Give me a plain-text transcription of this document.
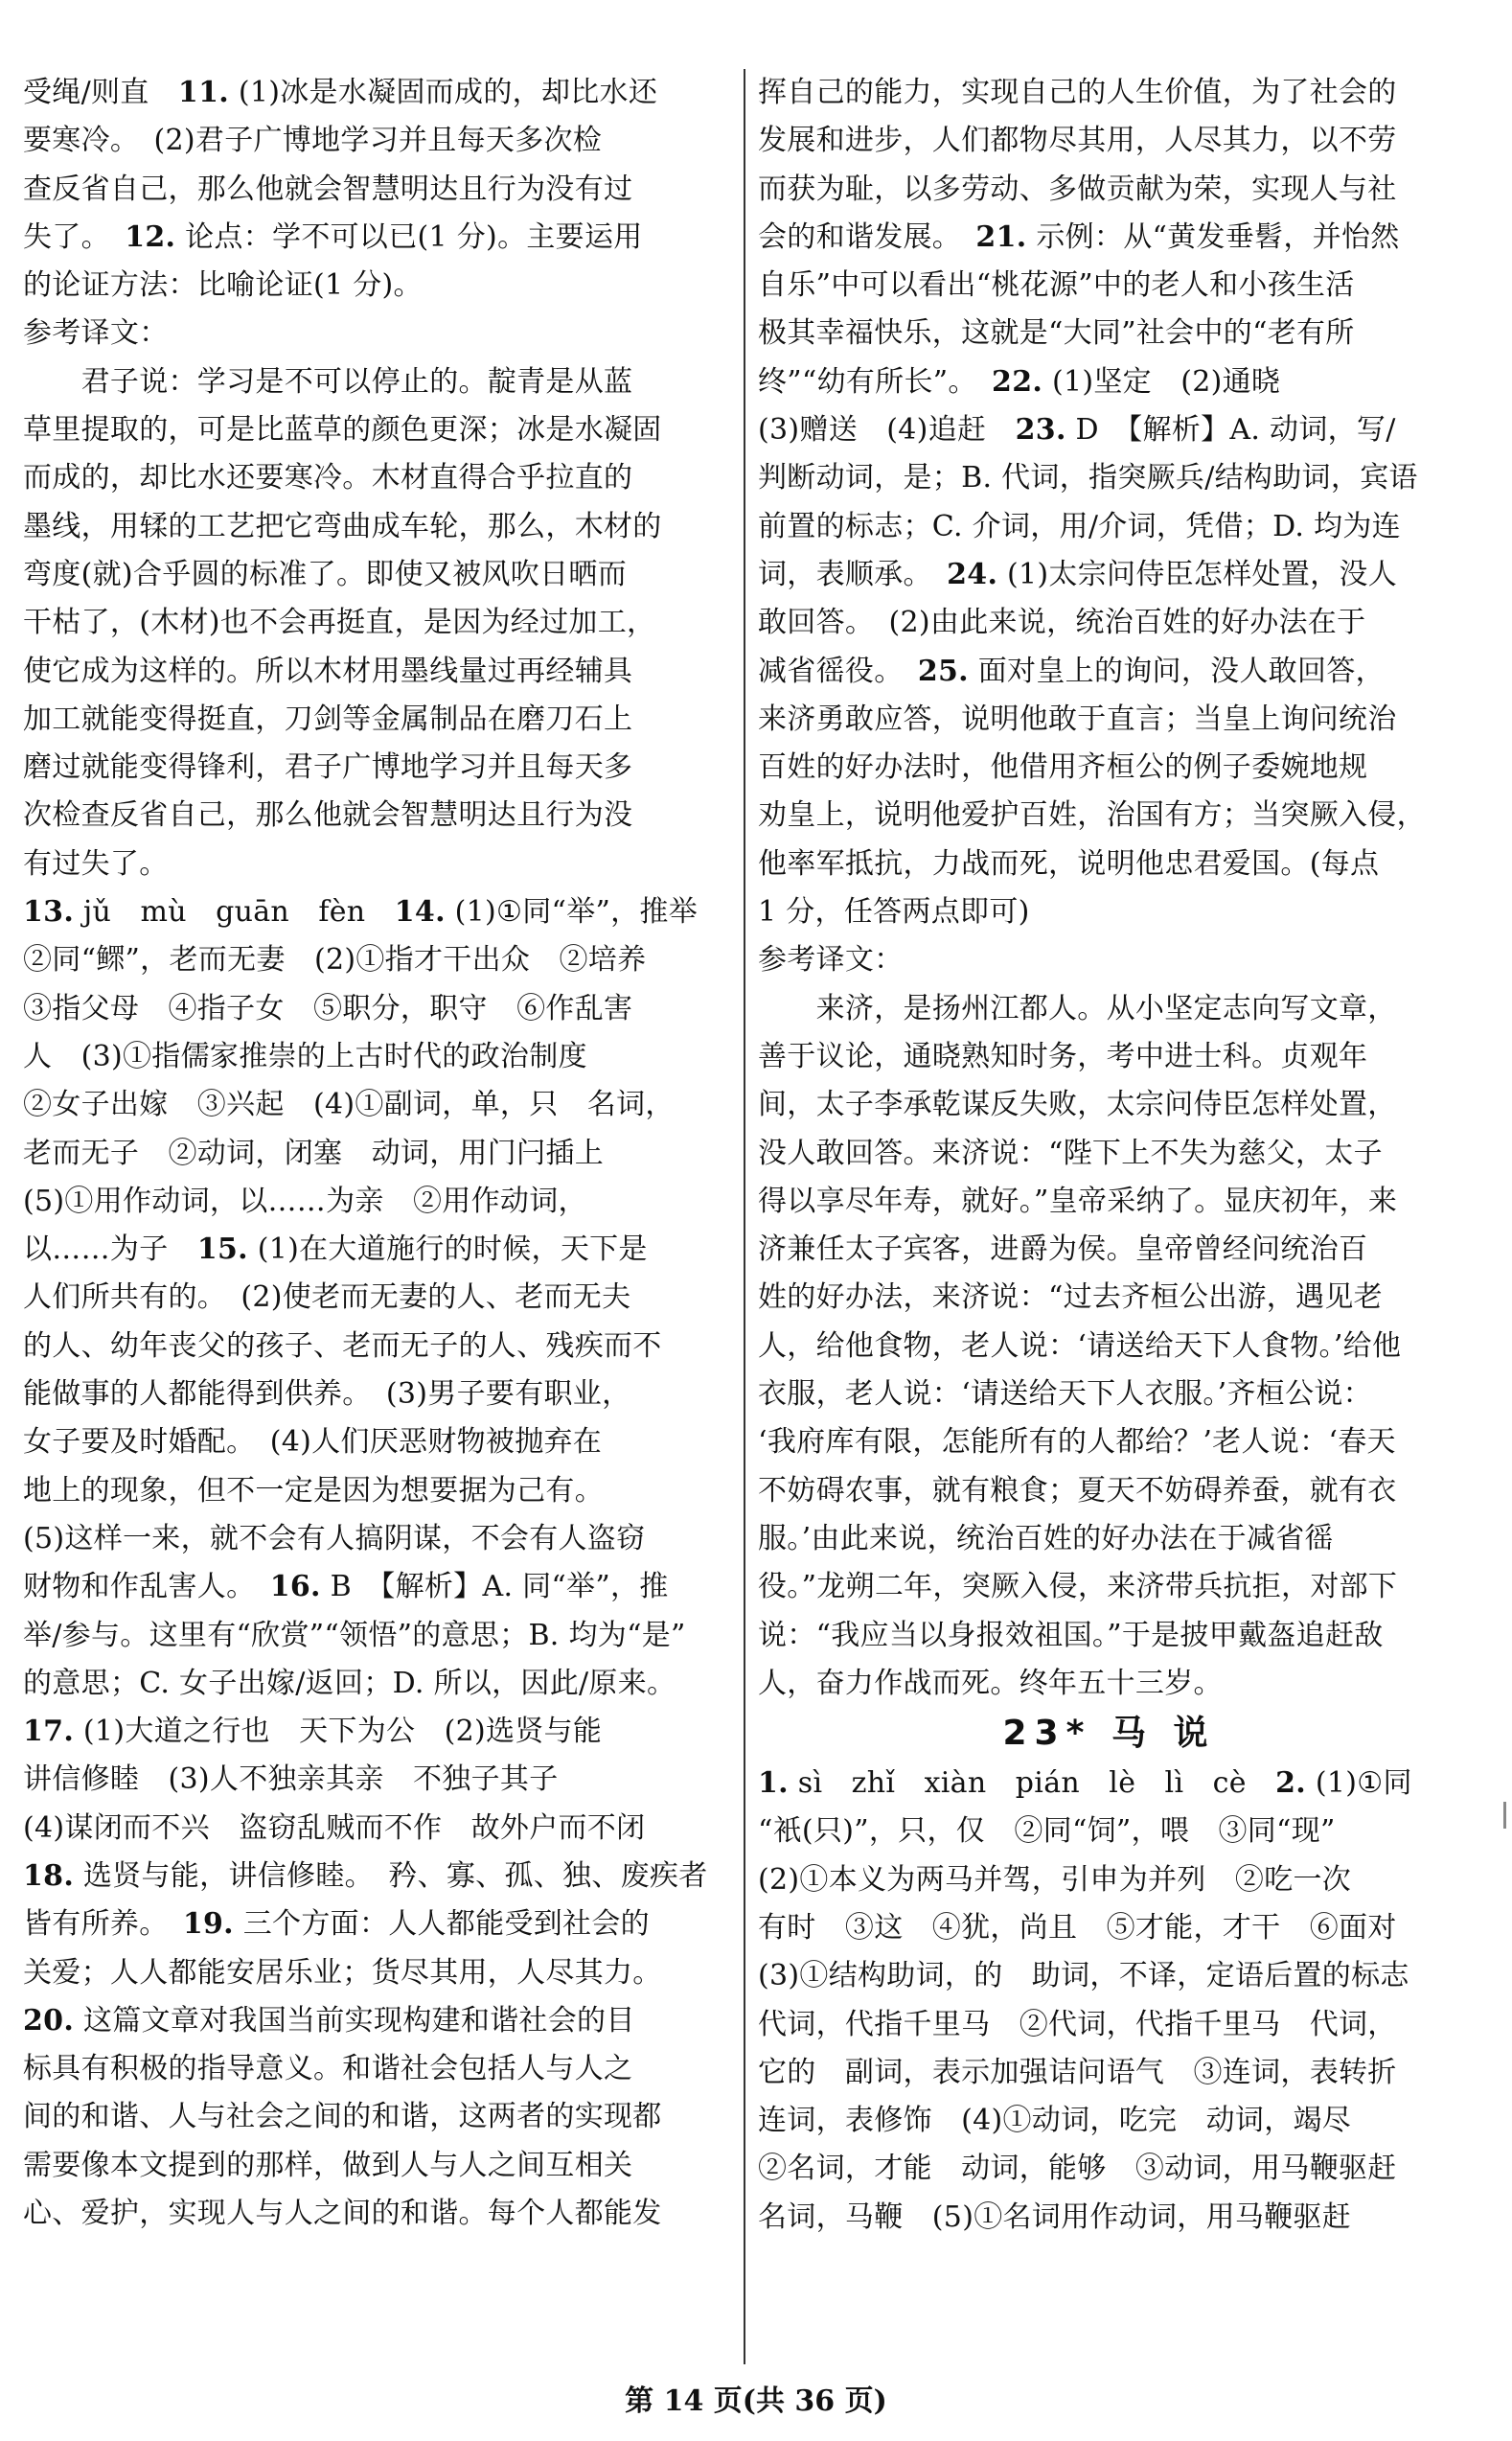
受绳/则直　11. (1)冰是水凝固而成的，却比水还
要寒冷。　(2)君子广博地学习并且每天多次检
查反省自己，那么他就会智慧明达且行为没有过
失了。　12. 论点：学不可以已(1 分)。主要运用
的论证方法：比喻论证(1 分)。
参考译文：
　　君子说：学习是不可以停止的。靛青是从蓝
草里提取的，可是比蓝草的颜色更深；冰是水凝固
而成的，却比水还要寒冷。木材直得合乎拉直的
墨线，用𫐓的工艺把它弯曲成车轮，那么，木材的
弯度(就)合乎圆的标准了。即使又被风吹日晒而
干枯了，(木材)也不会再挺直，是因为经过加工，
使它成为这样的。所以木材用墨线量过再经辅具
加工就能变得挺直，刀剑等金属制品在磨刀石上
磨过就能变得锋利，君子广博地学习并且每天多
次检查反省自己，那么他就会智慧明达且行为没
有过失了。
13. jǔ　mù　guān　fèn　14. (1)①同“举”，推举
②同“鳏”，老而无妻　(2)①指才干出众　②培养
③指父母　④指子女　⑤职分，职守　⑥作乱害
人　(3)①指儒家推崇的上古时代的政治制度
②女子出嫁　③兴起　(4)①副词，单，只　名词，
老而无子　②动词，闭塞　动词，用门闩插上
(5)①用作动词，以……为亲　②用作动词，
以……为子　15. (1)在大道施行的时候，天下是
人们所共有的。　(2)使老而无妻的人、老而无夫
的人、幼年丧父的孩子、老而无子的人、残疾而不
能做事的人都能得到供养。　(3)男子要有职业，
女子要及时婚配。　(4)人们厌恶财物被抛弃在
地上的现象，但不一定是因为想要据为己有。
(5)这样一来，就不会有人搞阴谋，不会有人盗窃
财物和作乱害人。　16. B　【解析】A. 同“举”，推
举/参与。这里有“欣赏”“领悟”的意思；B. 均为“是”
的意思；C. 女子出嫁/返回；D. 所以，因此/原来。
17. (1)大道之行也　天下为公　(2)选贤与能
讲信修睦　(3)人不独亲其亲　不独子其子
(4)谋闭而不兴　盗窃乱贼而不作　故外户而不闭
18. 选贤与能，讲信修睦。　矜、寡、孤、独、废疾者
皆有所养。　19. 三个方面：人人都能受到社会的
关爱；人人都能安居乐业；货尽其用，人尽其力。
20. 这篇文章对我国当前实现构建和谐社会的目
标具有积极的指导意义。和谐社会包括人与人之
间的和谐、人与社会之间的和谐，这两者的实现都
需要像本文提到的那样，做到人与人之间互相关
心、爱护，实现人与人之间的和谐。每个人都能发
挥自己的能力，实现自己的人生价值，为了社会的
发展和进步，人们都物尽其用，人尽其力，以不劳
而获为耻，以多劳动、多做贡献为荣，实现人与社
会的和谐发展。　21. 示例：从“黄发垂髫，并怡然
自乐”中可以看出“桃花源”中的老人和小孩生活
极其幸福快乐，这就是“大同”社会中的“老有所
终”“幼有所长”。　22. (1)坚定　(2)通晓
(3)赠送　(4)追赶　23. D　【解析】A. 动词，写/
判断动词，是；B. 代词，指突厥兵/结构助词，宾语
前置的标志；C. 介词，用/介词，凭借；D. 均为连
词，表顺承。　24. (1)太宗问侍臣怎样处置，没人
敢回答。　(2)由此来说，统治百姓的好办法在于
减省徭役。　25. 面对皇上的询问，没人敢回答，
来济勇敢应答，说明他敢于直言；当皇上询问统治
百姓的好办法时，他借用齐桓公的例子委婉地规
劝皇上，说明他爱护百姓，治国有方；当突厥入侵，
他率军抵抗，力战而死，说明他忠君爱国。(每点
1 分，任答两点即可)
参考译文：
　　来济，是扬州江都人。从小坚定志向写文章，
善于议论，通晓熟知时务，考中进士科。贞观年
间，太子李承乾谋反失败，太宗问侍臣怎样处置，
没人敢回答。来济说：“陛下上不失为慈父，太子
得以享尽年寿，就好。”皇帝采纳了。显庆初年，来
济兼任太子宾客，进爵为侯。皇帝曾经问统治百
姓的好办法，来济说：“过去齐桓公出游，遇见老
人，给他食物，老人说：‘请送给天下人食物。’给他
衣服，老人说：‘请送给天下人衣服。’齐桓公说：
‘我府库有限，怎能所有的人都给？’老人说：‘春天
不妨碍农事，就有粮食；夏天不妨碍养蚕，就有衣
服。’由此来说，统治百姓的好办法在于减省徭
役。”龙朔二年，突厥入侵，来济带兵抗拒，对部下
说：“我应当以身报效祖国。”于是披甲戴盔追赶敌
人，奋力作战而死。终年五十三岁。
23* 马 说
1. sì　zhǐ　xiàn　pián　lè　lì　cè　2. (1)①同
“衹(只)”，只，仅　②同“饲”，喂　③同“现”
(2)①本义为两马并驾，引申为并列　②吃一次
有时　③这　④犹，尚且　⑤才能，才干　⑥面对
(3)①结构助词，的　助词，不译，定语后置的标志
代词，代指千里马　②代词，代指千里马　代词，
它的　副词，表示加强诘问语气　③连词，表转折
连词，表修饰　(4)①动词，吃完　动词，竭尽
②名词，才能　动词，能够　③动词，用马鞭驱赶
名词，马鞭　(5)①名词用作动词，用马鞭驱赶
第 14 页(共 36 页)
